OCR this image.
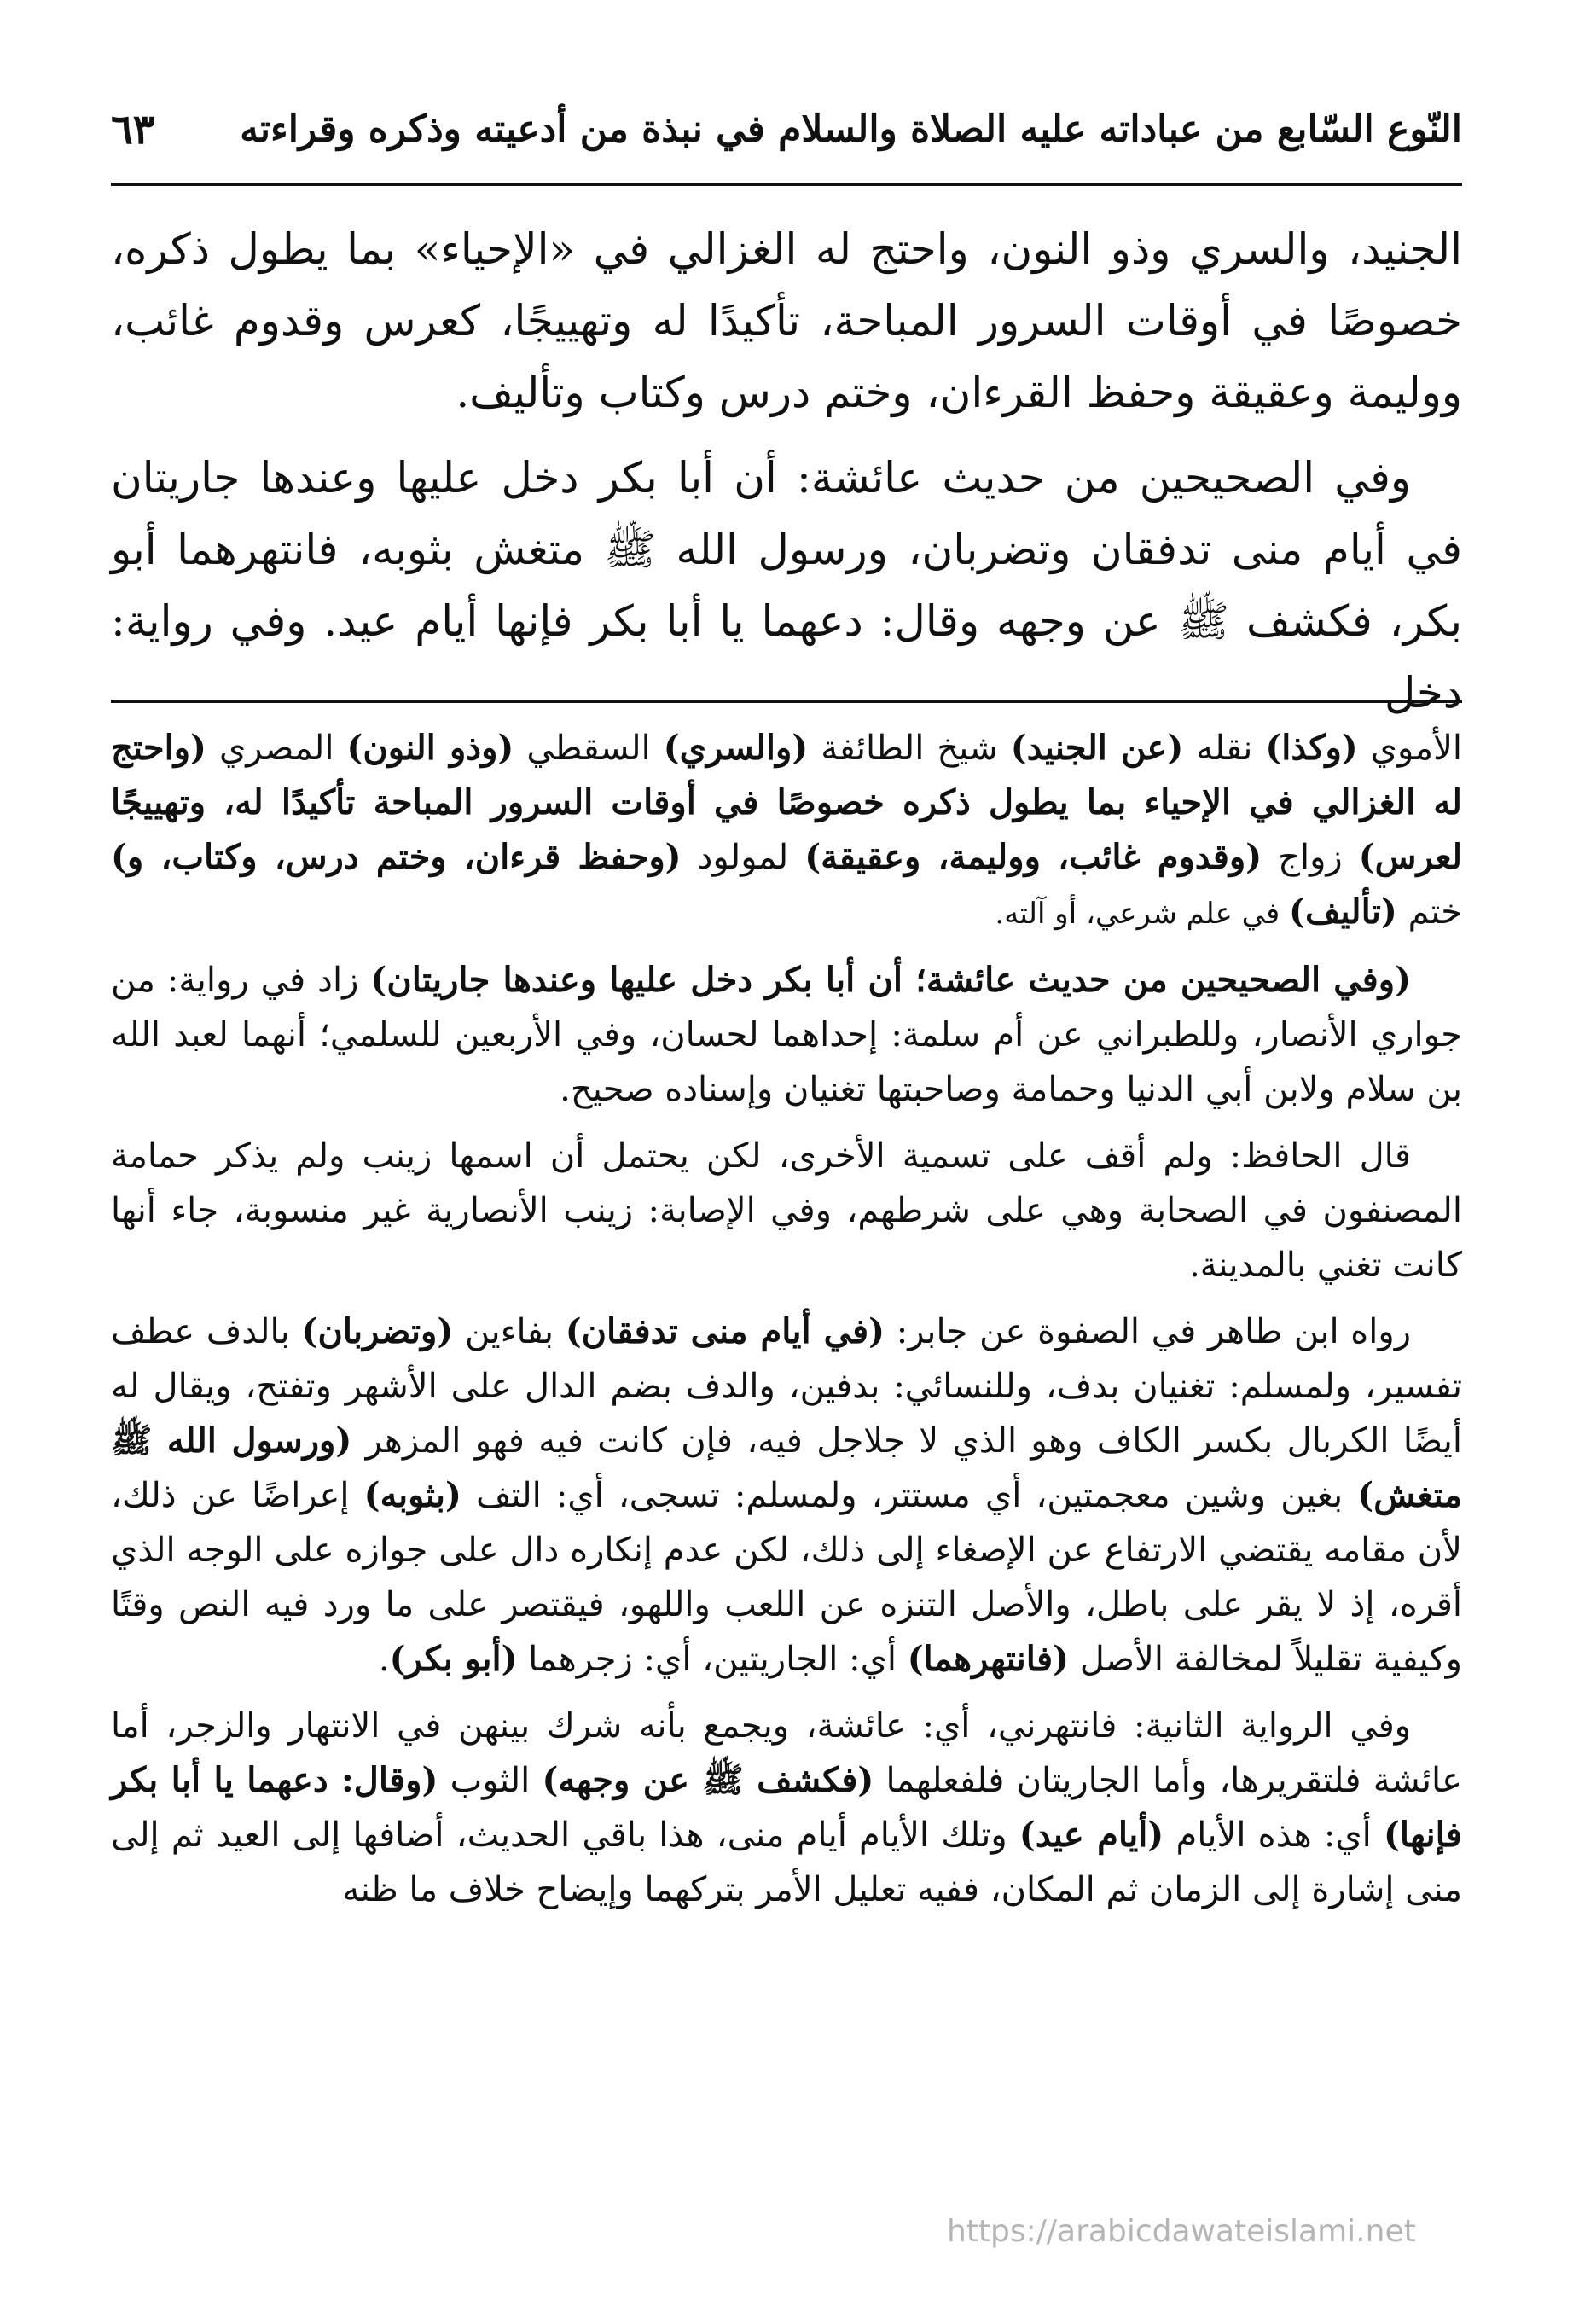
النّوع السّابع من عباداته عليه الصلاة والسلام في نبذة من أدعيته وذكره وقراءته
٦٣

الجنيد، والسري وذو النون، واحتج له الغزالي في «الإحياء» بما يطول ذكره، خصوصًا في أوقات السرور المباحة، تأكيدًا له وتهييجًا، كعرس وقدوم غائب، ووليمة وعقيقة وحفظ القرءان، وختم درس وكتاب وتأليف.

وفي الصحيحين من حديث عائشة: أن أبا بكر دخل عليها وعندها جاريتان في أيام منى تدفقان وتضربان، ورسول الله ﷺ متغش بثوبه، فانتهرهما أبو بكر، فكشف ﷺ عن وجهه وقال: دعهما يا أبا بكر فإنها أيام عيد. وفي رواية: دخل

الأموي (وكذا) نقله (عن الجنيد) شيخ الطائفة (والسري) السقطي (وذو النون) المصري (واحتج له الغزالي في الإحياء بما يطول ذكره خصوصًا في أوقات السرور المباحة تأكيدًا له، وتهييجًا لعرس) زواج (وقدوم غائب، ووليمة، وعقيقة) لمولود (وحفظ قرءان، وختم درس، وكتاب، و) ختم (تأليف) في علم شرعي، أو آلته.

(وفي الصحيحين من حديث عائشة؛ أن أبا بكر دخل عليها وعندها جاريتان) زاد في رواية: من جواري الأنصار، وللطبراني عن أم سلمة: إحداهما لحسان، وفي الأربعين للسلمي؛ أنهما لعبد الله بن سلام ولابن أبي الدنيا وحمامة وصاحبتها تغنيان وإسناده صحيح.

قال الحافظ: ولم أقف على تسمية الأخرى، لكن يحتمل أن اسمها زينب ولم يذكر حمامة المصنفون في الصحابة وهي على شرطهم، وفي الإصابة: زينب الأنصارية غير منسوبة، جاء أنها كانت تغني بالمدينة.

رواه ابن طاهر في الصفوة عن جابر: (في أيام منى تدفقان) بفاءين (وتضربان) بالدف عطف تفسير، ولمسلم: تغنيان بدف، وللنسائي: بدفين، والدف بضم الدال على الأشهر وتفتح، ويقال له أيضًا الكربال بكسر الكاف وهو الذي لا جلاجل فيه، فإن كانت فيه فهو المزهر (ورسول الله ﷺ متغش) بغين وشين معجمتين، أي مستتر، ولمسلم: تسجى، أي: التف (بثوبه) إعراضًا عن ذلك، لأن مقامه يقتضي الارتفاع عن الإصغاء إلى ذلك، لكن عدم إنكاره دال على جوازه على الوجه الذي أقره، إذ لا يقر على باطل، والأصل التنزه عن اللعب واللهو، فيقتصر على ما ورد فيه النص وقتًا وكيفية تقليلاً لمخالفة الأصل (فانتهرهما) أي: الجاريتين، أي: زجرهما (أبو بكر).

وفي الرواية الثانية: فانتهرني، أي: عائشة، ويجمع بأنه شرك بينهن في الانتهار والزجر، أما عائشة فلتقريرها، وأما الجاريتان فلفعلهما (فكشف ﷺ عن وجهه) الثوب (وقال: دعهما يا أبا بكر فإنها) أي: هذه الأيام (أيام عيد) وتلك الأيام أيام منى، هذا باقي الحديث، أضافها إلى العيد ثم إلى منى إشارة إلى الزمان ثم المكان، ففيه تعليل الأمر بتركهما وإيضاح خلاف ما ظنه

https://arabicdawateislami.net
